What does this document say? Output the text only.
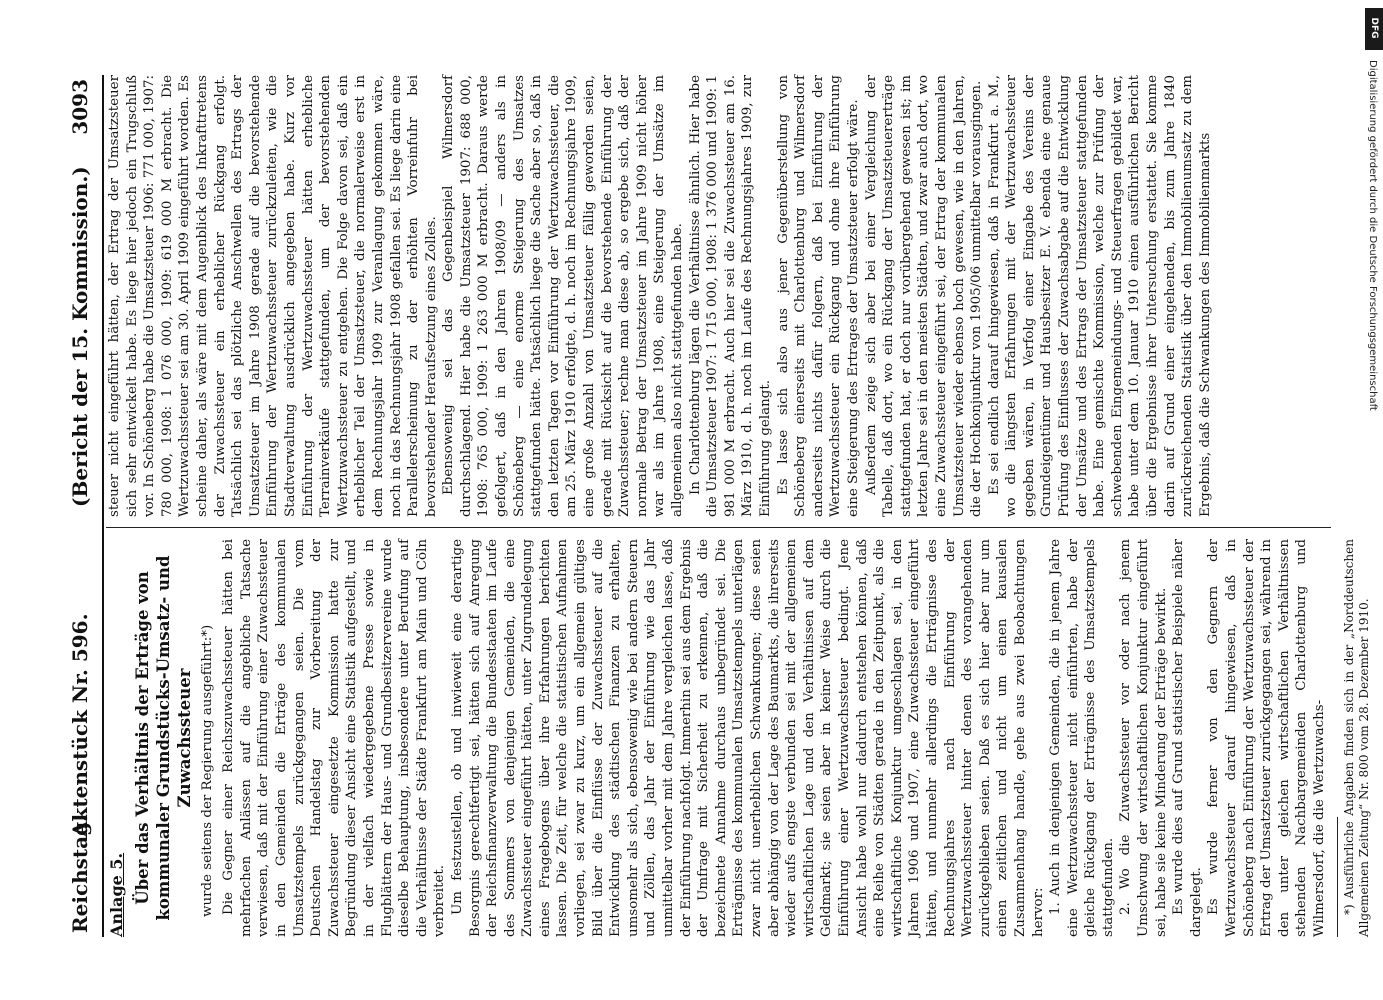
Reichstag.
Aktenstück Nr. 596.
(Bericht der 15. Kommission.)
3093
Anlage 5. Über das Verhältnis der Erträge von kommunaler Grundstücks-Umsatz- und Zuwachssteuer wurde seitens der Regierung ausgeführt:*) Die Gegner einer Reichszuwachssteuer hätten bei mehrfachen Anlässen auf die angebliche Tatsache verwiesen, daß mit der Einführung einer Zuwachssteuer in den Gemeinden die Erträge des kommunalen Umsatzstempels zurückgegangen seien. Die vom Deutschen Handelstag zur Vorbereitung der Zuwachssteuer eingesetzte Kommission hatte zur Begründung dieser Ansicht eine Statistik aufgestellt, und in der vielfach wiedergegebene Presse sowie in Flugblättern der Haus- und Grundbesitzervereine wurde dieselbe Behauptung, insbesondere unter Berufung auf die Verhältnisse der Städte Frankfurt am Main und Cöln verbreitet. Um festzustellen, ob und inwieweit eine derartige Besorgnis gerechtfertigt sei, hätten sich auf Anregung der Reichsfinanzverwaltung die Bundesstaaten im Laufe des Sommers von denjenigen Gemeinden, die eine Zuwachssteuer eingeführt hätten, unter Zugrundelegung eines Fragebogens über ihre Erfahrungen berichten lassen. Die Zeit, für welche die statistischen Aufnahmen vorliegen, sei zwar zu kurz, um ein allgemein gültiges Bild über die Einflüsse der Zuwachssteuer auf die Entwicklung des städtischen Finanzen zu erhalten, umsomehr als sich, ebensowenig wie bei andern Steuern und Zöllen, das Jahr der Einführung wie das Jahr unmittelbar vorher mit dem Jahre vergleichen lasse, daß der Einführung nachfolgt. Immerhin sei aus dem Ergebnis der Umfrage mit Sicherheit zu erkennen, daß die bezeichnete Annahme durchaus unbegründet sei. Die Erträgnisse des kommunalen Umsatzstempels unterlägen zwar nicht unerheblichen Schwankungen; diese seien aber abhängig von der Lage des Baumarkts, die ihrerseits wieder aufs engste verbunden sei mit der allgemeinen wirtschaftlichen Lage und den Verhältnissen auf dem Geldmarkt; sie seien aber in keiner Weise durch die Einführung einer Wertzuwachssteuer bedingt. Jene Ansicht habe wohl nur dadurch entstehen können, daß eine Reihe von Städten gerade in den Zeitpunkt, als die wirtschaftliche Konjunktur umgeschlagen sei, in den Jahren 1906 und 1907, eine Zuwachssteuer eingeführt hätten, und nunmehr allerdings die Erträgnisse des Rechnungsjahres nach Einführung der Wertzuwachssteuer hinter denen des vorangehenden zurückgeblieben seien. Daß es sich hier aber nur um einen zeitlichen und nicht um einen kausalen Zusammenhang handle, gehe aus zwei Beobachtungen hervor: 1. Auch in denjenigen Gemeinden, die in jenem Jahre eine Wertzuwachssteuer nicht einführten, habe der gleiche Rückgang der Erträgnisse des Umsatzstempels stattgefunden. 2. Wo die Zuwachssteuer vor oder nach jenem Umschwung der wirtschaftlichen Konjunktur eingeführt sei, habe sie keine Minderung der Erträge bewirkt. Es wurde dies auf Grund statistischer Beispiele näher dargelegt. Es wurde ferner von den Gegnern der Wertzuwachssteuer darauf hingewiesen, daß in Schöneberg nach Einführung der Wertzuwachssteuer der Ertrag der Umsatzsteuer zurückgegangen sei, während in den unter gleichen wirtschaftlichen Verhältnissen stehenden Nachbargemeinden Charlottenburg und Wilmersdorf, die die Wertzuwachs- *) Ausführliche Angaben finden sich in der „Norddeutschen Allgemeinen Zeitung“ Nr. 800 vom 28. Dezember 1910.

steuer nicht eingeführt hätten, der Ertrag der Umsatzsteuer sich sehr entwickelt habe. Es liege hier jedoch ein Trugschluß vor. In Schöneberg habe die Umsatzsteuer 1906: 771 000, 1907: 780 000, 1908: 1 076 000, 1909: 619 000 M erbracht. Die Wertzuwachssteuer sei am 30. April 1909 eingeführt worden. Es scheine daher, als wäre mit dem Augenblick des Inkrafttretens der Zuwachssteuer ein erheblicher Rückgang erfolgt. Tatsächlich sei das plötzliche Anschwellen des Ertrags der Umsatzsteuer im Jahre 1908 gerade auf die bevorstehende Einführung der Wertzuwachssteuer zurückzuleiten, wie die Stadtverwaltung ausdrücklich angegeben habe. Kurz vor Einführung der Wertzuwachssteuer hätten erhebliche Terrainverkäufe stattgefunden, um der bevorstehenden Wertzuwachssteuer zu entgehen. Die Folge davon sei, daß ein erheblicher Teil der Umsatzsteuer, die normalerweise erst in dem Rechnungsjahr 1909 zur Veranlagung gekommen wäre, noch in das Rechnungsjahr 1908 gefallen sei. Es liege darin eine Parallelerscheinung zu der erhöhten Vorreinfuhr bei bevorstehender Heraufsetzung eines Zolles. Ebensowenig sei das Gegenbeispiel Wilmersdorf durchschlagend. Hier habe die Umsatzsteuer 1907: 688 000, 1908: 765 000, 1909: 1 263 000 M erbracht. Daraus werde gefolgert, daß in den Jahren 1908/09 — anders als in Schöneberg — eine enorme Steigerung des Umsatzes stattgefunden hätte. Tatsächlich liege die Sache aber so, daß in den letzten Tagen vor Einführung der Wertzuwachssteuer, die am 25. März 1910 erfolgte, d. h. noch im Rechnungsjahre 1909, eine große Anzahl von Umsatzsteuer fällig geworden seien, gerade mit Rücksicht auf die bevorstehende Einführung der Zuwachssteuer; rechne man diese ab, so ergebe sich, daß der normale Betrag der Umsatzsteuer im Jahre 1909 nicht höher war als im Jahre 1908, eine Steigerung der Umsätze im allgemeinen also nicht stattgefunden habe. In Charlottenburg lägen die Verhältnisse ähnlich. Hier habe die Umsatzsteuer 1907: 1 715 000, 1908: 1 376 000 und 1909: 1 981 000 M erbracht. Auch hier sei die Zuwachssteuer am 16. März 1910, d. h. noch im Laufe des Rechnungsjahres 1909, zur Einführung gelangt. Es lasse sich also aus jener Gegenüberstellung von Schöneberg einerseits mit Charlottenburg und Wilmersdorf anderseits nichts dafür folgern, daß bei Einführung der Wertzuwachssteuer ein Rückgang und ohne ihre Einführung eine Steigerung des Ertrages der Umsatzsteuer erfolgt wäre. Außerdem zeige sich aber bei einer Vergleichung der Tabelle, daß dort, wo ein Rückgang der Umsatzsteuererträge stattgefunden hat, er doch nur vorübergehend gewesen ist; im letzten Jahre sei in den meisten Städten, und zwar auch dort, wo eine Zuwachssteuer eingeführt sei, der Ertrag der kommunalen Umsatzsteuer wieder ebenso hoch gewesen, wie in den Jahren, die der Hochkonjunktur von 1905/06 unmittelbar vorausgingen. Es sei endlich darauf hingewiesen, daß in Frankfurt a. M., wo die längsten Erfahrungen mit der Wertzuwachssteuer gegeben wären, in Verfolg einer Eingabe des Vereins der Grundeigentümer und Hausbesitzer E. V. ebenda eine genaue Prüfung des Einflusses der Zuwachsabgabe auf die Entwicklung der Umsätze und des Ertrags der Umsatzsteuer stattgefunden habe. Eine gemischte Kommission, welche zur Prüfung der schwebenden Eingemeindungs- und Steuerfragen gebildet war, habe unter dem 10. Januar 1910 einen ausführlichen Bericht über die Ergebnisse ihrer Untersuchung erstattet. Sie komme darin auf Grund einer eingehenden, bis zum Jahre 1840 zurückreichenden Statistik über den Immobilienumsatz zu dem Ergebnis, daß die Schwankungen des Immobilienmarkts

DFG
Digitalisierung gefördert durch die Deutsche Forschungsgemeinschaft
